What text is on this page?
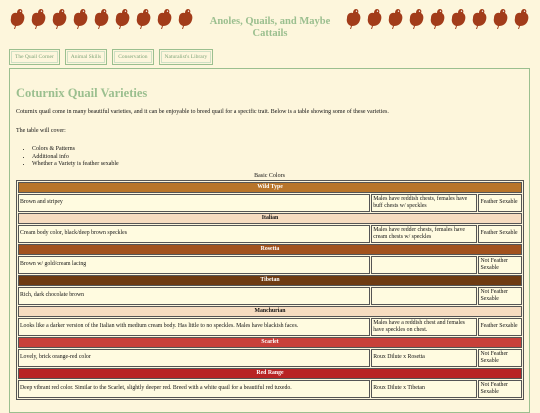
Anoles, Quails, and Maybe Cattails
The Quail Corner	Animal Skills	Conservation	Naturalist's Library
Coturnix Quail Varieties

Coturnix quail come in many beautiful varieties, and it can be enjoyable to breed quail for a specific trait. Below is a table showing some of these varieties.

The table will cover:

• Colors & Patterns
• Additional info
• Whether a Variety is feather sexable
Basic Colors
Wild Type		
Brown and stripey	Males have reddish chests, females have buff chests w/ speckles	Feather Sexable
Italian		
Cream body color, black/deep brown speckles	Males have redder chests, females have cream chests w/ speckles	Feather Sexable
Rosetta		
Brown w/ gold/cream lacing		Not Feather Sexable
Tibetan		
Rich, dark chocolate brown		Not Feather Sexable
Manchurian		
Looks like a darker version of the Italian with medium cream body. Has little to no speckles. Males have blackish faces.	Males have a reddish chest and females have speckles on chest.	Feather Sexable
Scarlet		
Lovely, brick orange-red color	Roux Dilute x Rosetta	Not Feather Sexable
Red Range		
Deep vibrant red color. Similar to the Scarlet, slightly deeper red. Breed with a white quail for a beautiful red tuxedo.	Roux Dilute x Tibetan	Not Feather Sexable
